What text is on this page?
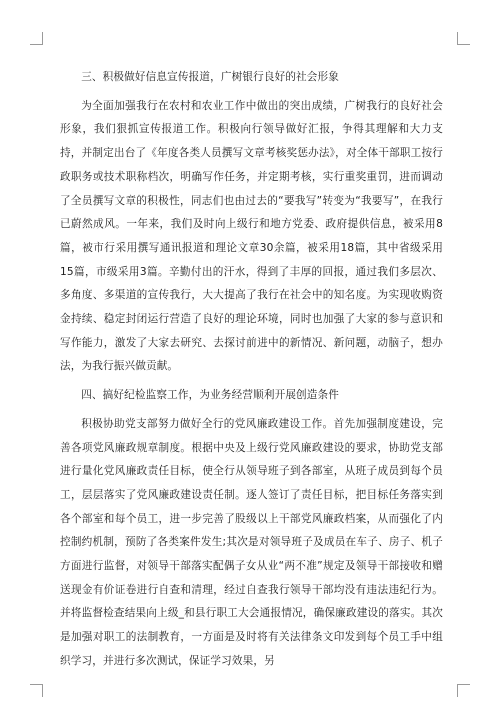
三、积极做好信息宣传报道，广树银行良好的社会形象

为全面加强我行在农村和农业工作中做出的突出成绩，广树我行的良好社会形象，我们狠抓宣传报道工作。积极向行领导做好汇报，争得其理解和大力支持，并制定出台了《年度各类人员撰写文章考核奖惩办法》，对全体干部职工按行政职务或技术职称档次，明确写作任务，并定期考核，实行重奖重罚，进而调动了全员撰写文章的积极性，同志们也由过去的“要我写”转变为“我要写”，在我行已蔚然成风。一年来，我们及时向上级行和地方党委、政府提供信息，被采用8篇，被市行采用撰写通讯报道和理论文章30余篇，被采用18篇，其中省级采用15篇，市级采用3篇。辛勤付出的汗水，得到了丰厚的回报，通过我们多层次、多角度、多渠道的宣传我行，大大提高了我行在社会中的知名度。为实现收购资金持续、稳定封闭运行营造了良好的理论环境，同时也加强了大家的参与意识和写作能力，激发了大家去研究、去探讨前进中的新情况、新问题，动脑子，想办法，为我行振兴做贡献。

四、搞好纪检监察工作，为业务经营顺利开展创造条件

积极协助党支部努力做好全行的党风廉政建设工作。首先加强制度建设，完善各项党风廉政规章制度。根据中央及上级行党风廉政建设的要求，协助党支部进行量化党风廉政责任目标，使全行从领导班子到各部室，从班子成员到每个员工，层层落实了党风廉政建设责任制。逐人签订了责任目标，把目标任务落实到各个部室和每个员工，进一步完善了股级以上干部党风廉政档案，从而强化了内控制约机制，预防了各类案件发生;其次是对领导班子及成员在车子、房子、机子方面进行监督，对领导干部落实配偶子女从业“两不准”规定及领导干部接收和赠送现金有价证卷进行自查和清理，经过自查我行领导干部均没有违法违纪行为。并将监督检查结果向上级_和县行职工大会通报情况，确保廉政建设的落实。其次是加强对职工的法制教育，一方面是及时将有关法律条文印发到每个员工手中组织学习，并进行多次测试，保证学习效果，另
